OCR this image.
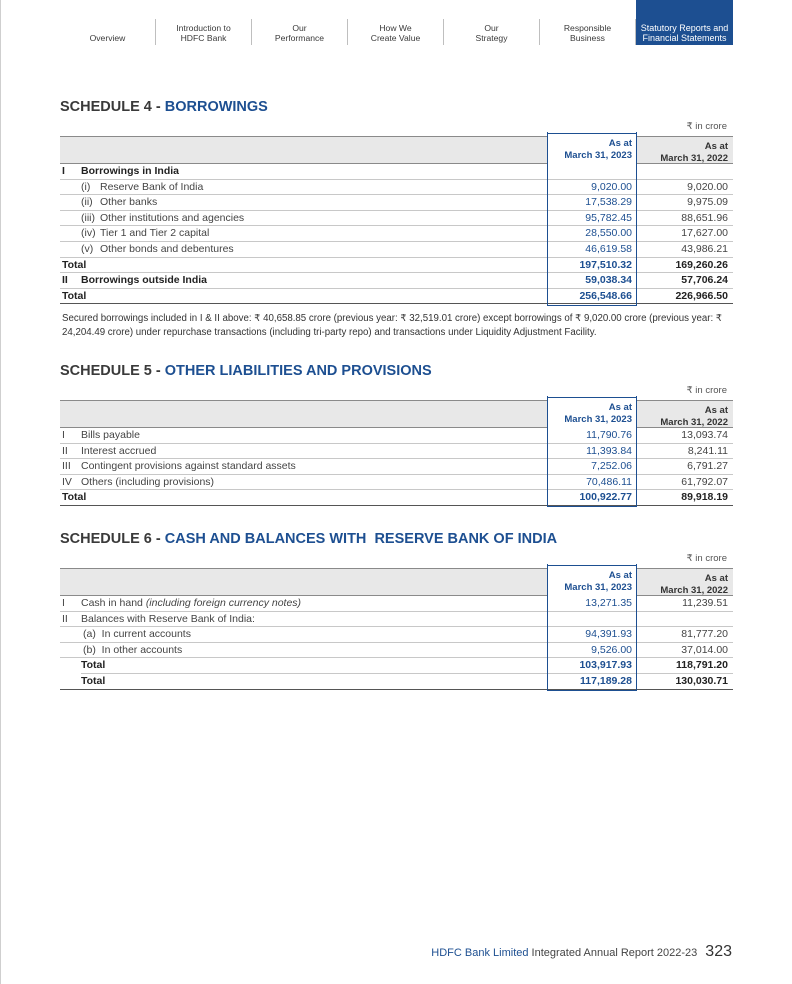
Overview
Introduction to
HDFC Bank
Our
Performance
How We
Create Value
Our
Strategy
Responsible
Business
Statutory Reports and
Financial Statements
SCHEDULE 4 - BORROWINGS
₹ in crore
As at
March 31, 2023
As at
March 31, 2022
I Borrowings in India
(i) Reserve Bank of India	9,020.00	9,020.00
(ii) Other banks	17,538.29	9,975.09
(iii) Other institutions and agencies	95,782.45	88,651.96
(iv) Tier 1 and Tier 2 capital	28,550.00	17,627.00
(v) Other bonds and debentures	46,619.58	43,986.21
Total	197,510.32	169,260.26
II Borrowings outside India	59,038.34	57,706.24
Total	256,548.66	226,966.50
Secured borrowings included in I & II above: ₹ 40,658.85 crore (previous year: ₹ 32,519.01 crore) except borrowings of ₹ 9,020.00 crore (previous year: ₹ 24,204.49 crore) under repurchase transactions (including tri-party repo) and transactions under Liquidity Adjustment Facility.
SCHEDULE 5 - OTHER LIABILITIES AND PROVISIONS
₹ in crore
As at
March 31, 2023
As at
March 31, 2022
I Bills payable	11,790.76	13,093.74
II Interest accrued	11,393.84	8,241.11
III Contingent provisions against standard assets	7,252.06	6,791.27
IV Others (including provisions)	70,486.11	61,792.07
Total	100,922.77	89,918.19
SCHEDULE 6 - CASH AND BALANCES WITH  RESERVE BANK OF INDIA
₹ in crore
As at
March 31, 2023
As at
March 31, 2022
I Cash in hand (including foreign currency notes)	13,271.35	11,239.51
II Balances with Reserve Bank of India:
(a)  In current accounts	94,391.93	81,777.20
(b)  In other accounts	9,526.00	37,014.00
Total	103,917.93	118,791.20
Total	117,189.28	130,030.71
HDFC Bank Limited Integrated Annual Report 2022-23 323
